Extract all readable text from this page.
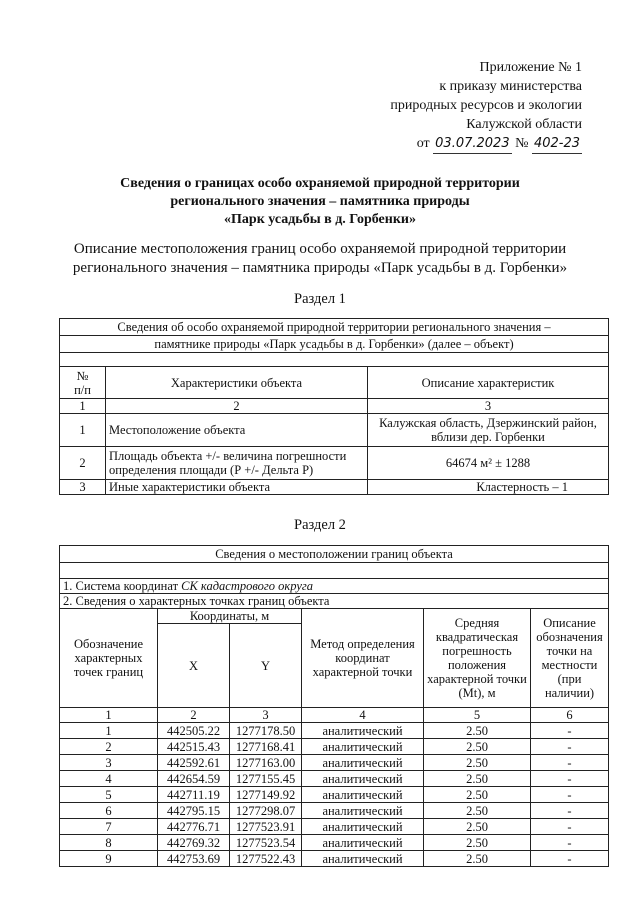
Приложение № 1
к приказу министерства
природных ресурсов и экологии
Калужской области
от 03.07.2023 № 402-23
Сведения о границах особо охраняемой природной территории
регионального значения – памятника природы
«Парк усадьбы в д. Горбенки»
Описание местоположения границ особо охраняемой природной территории
регионального значения – памятника природы «Парк усадьбы в д. Горбенки»
Раздел 1
Сведения об особо охраняемой природной территории регионального значения –		
памятнике природы «Парк усадьбы в д. Горбенки» (далее – объект)		

№
п/п	Характеристики объекта	Описание характеристик
1	2	3
1	Местоположение объекта	Калужская область, Дзержинский район, вблизи дер. Горбенки
2	Площадь объекта +/- величина погрешности определения площади (Р +/- Дельта Р)	64674 м² ± 1288
3	Иные характеристики объекта	Кластерность – 1
Раздел 2
Сведения о местоположении границ объекта					

1. Система координат СК кадастрового округа					
2. Сведения о характерных точках границ объекта					
Обозначение характерных точек границ	Координаты, м		Метод определения координат характерной точки	Средняя квадратическая погрешность положения характерной точки (Mt), м	Описание обозначения точки на местности (при наличии)
	X	Y			
1	2	3	4	5	6
1	442505.22	1277178.50	аналитический	2.50	-
2	442515.43	1277168.41	аналитический	2.50	-
3	442592.61	1277163.00	аналитический	2.50	-
4	442654.59	1277155.45	аналитический	2.50	-
5	442711.19	1277149.92	аналитический	2.50	-
6	442795.15	1277298.07	аналитический	2.50	-
7	442776.71	1277523.91	аналитический	2.50	-
8	442769.32	1277523.54	аналитический	2.50	-
9	442753.69	1277522.43	аналитический	2.50	-
